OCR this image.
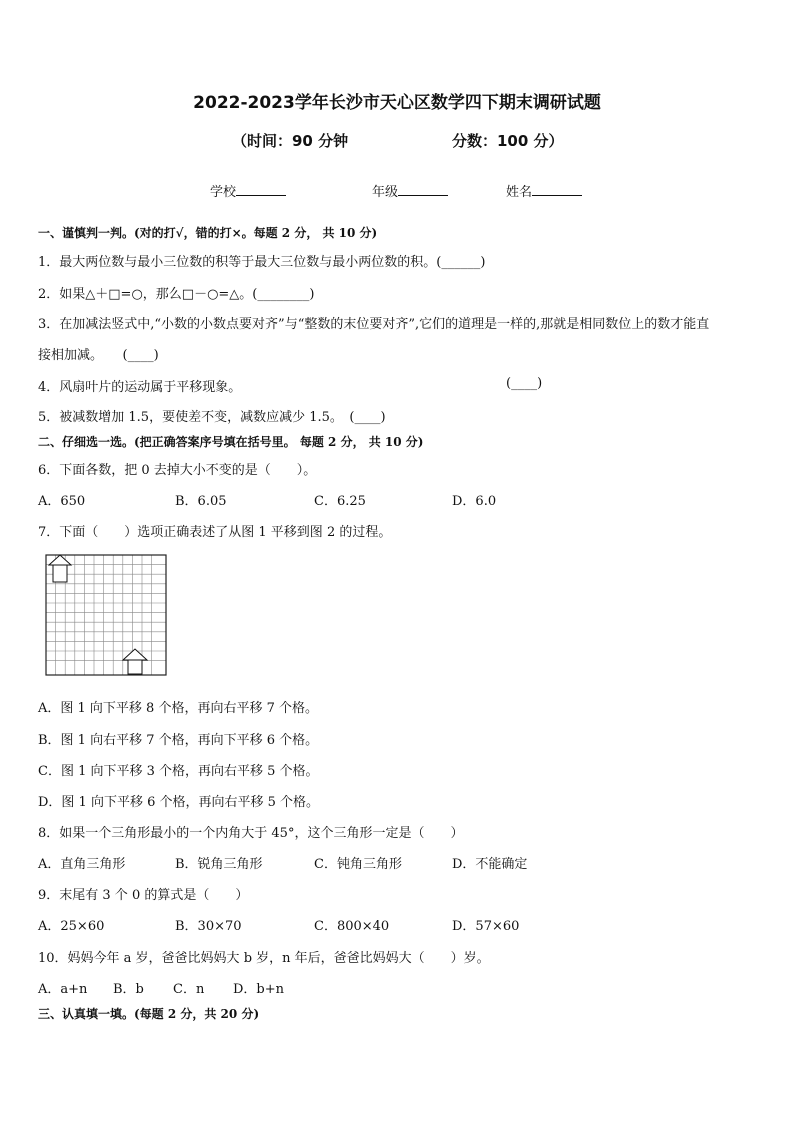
2022-2023学年长沙市天心区数学四下期末调研试题
（时间：90 分钟	分数：100 分）
学校	年级	姓名
一、谨慎判一判。(对的打√，错的打×。每题 2 分， 共 10 分)
1．最大两位数与最小三位数的积等于最大三位数与最小两位数的积。(______)
2．如果△＋□=○，那么□－○=△。(________)
3．在加减法竖式中,“小数的小数点要对齐”与“整数的末位要对齐”,它们的道理是一样的,那就是相同数位上的数才能直
接相加减。　　(____)
4．风扇叶片的运动属于平移现象。	(____)
5．被减数增加 1.5，要使差不变，减数应减少 1.5。　(____)
二、仔细选一选。(把正确答案序号填在括号里。 每题 2 分， 共 10 分)
6．下面各数，把 0 去掉大小不变的是（　　）。
A．650	B．6.05	C．6.25	D．6.0
7．下面（　　）选项正确表述了从图 1 平移到图 2 的过程。
A．图 1 向下平移 8 个格，再向右平移 7 个格。
B．图 1 向右平移 7 个格，再向下平移 6 个格。
C．图 1 向下平移 3 个格，再向右平移 5 个格。
D．图 1 向下平移 6 个格，再向右平移 5 个格。
8．如果一个三角形最小的一个内角大于 45°，这个三角形一定是（　　）
A．直角三角形	B．锐角三角形	C．钝角三角形	D．不能确定
9．末尾有 3 个 0 的算式是（　　）
A．25×60	B．30×70	C．800×40	D．57×60
10．妈妈今年 a 岁，爸爸比妈妈大 b 岁，n 年后，爸爸比妈妈大（　　）岁。
A．a+n B．b C．n D．b+n
三、认真填一填。(每题 2 分，共 20 分)
